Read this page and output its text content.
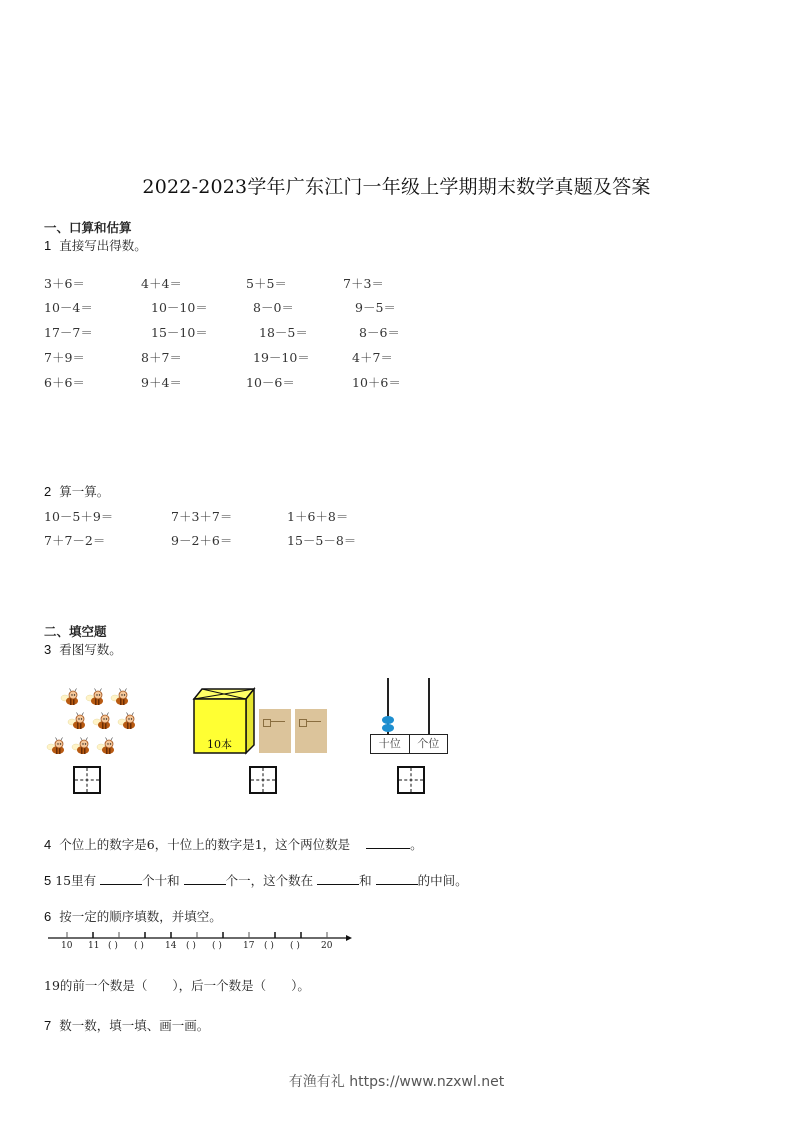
2022-2023学年广东江门一年级上学期期末数学真题及答案
一、口算和估算
1 直接写出得数。
3＋6＝	4＋4＝	5＋5＝	7＋3＝
10－4＝	10－10＝	8－0＝	9－5＝
17－7＝	15－10＝	18－5＝	8－6＝
7＋9＝	8＋7＝	19－10＝	4＋7＝
6＋6＝	9＋4＝	10－6＝	10＋6＝
2 算一算。
10－5＋9＝	7＋3＋7＝	1＋6＋8＝
7＋7－2＝	9－2＋6＝	15－5－8＝
二、填空题
3 看图写数。
10本	十位	个位
4 个位上的数字是6，十位上的数字是1，这个两位数是	。
5 15里有	个十和	个一，这个数在	和	的中间。
6 按一定的顺序填数，并填空。
10 11 ( ) ( ) 14 ( ) ( ) 17 ( ) ( ) 20
19的前一个数是（　　），后一个数是（　　）。
7 数一数，填一填、画一画。
有渔有礼 https://www.nzxwl.net
